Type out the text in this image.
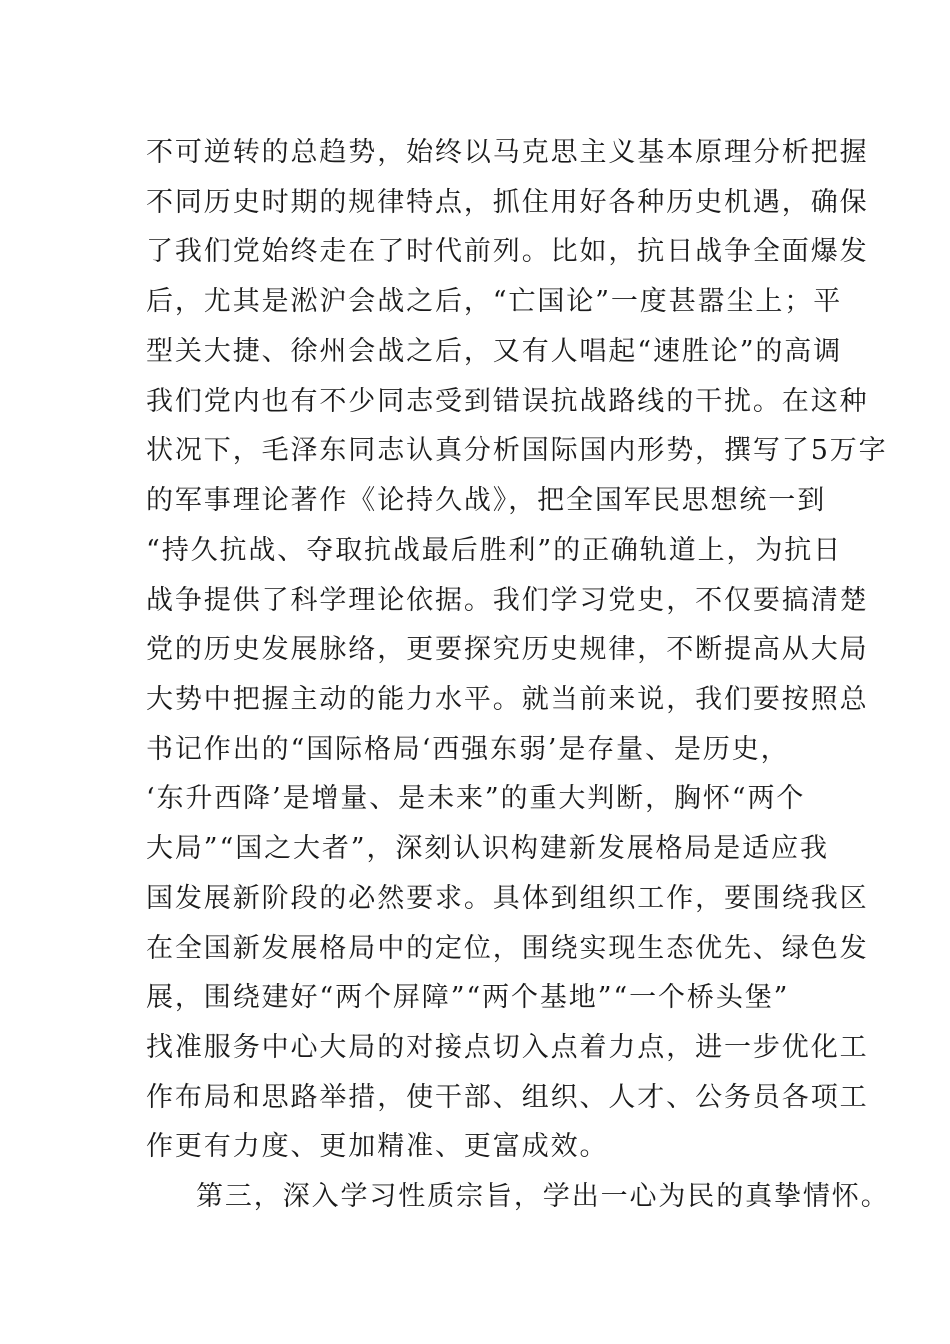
不可逆转的总趋势，始终以马克思主义基本原理分析把握
不同历史时期的规律特点，抓住用好各种历史机遇，确保
了我们党始终走在了时代前列。比如，抗日战争全面爆发
后，尤其是淞沪会战之后，“亡国论”一度甚嚣尘上；平
型关大捷、徐州会战之后，又有人唱起“速胜论”的高调
我们党内也有不少同志受到错误抗战路线的干扰。在这种
状况下，毛泽东同志认真分析国际国内形势，撰写了5万字
的军事理论著作《论持久战》，把全国军民思想统一到
“持久抗战、夺取抗战最后胜利”的正确轨道上，为抗日
战争提供了科学理论依据。我们学习党史，不仅要搞清楚
党的历史发展脉络，更要探究历史规律，不断提高从大局
大势中把握主动的能力水平。就当前来说，我们要按照总
书记作出的“国际格局‘西强东弱’是存量、是历史，
‘东升西降’是增量、是未来”的重大判断，胸怀“两个
大局”“国之大者”，深刻认识构建新发展格局是适应我
国发展新阶段的必然要求。具体到组织工作，要围绕我区
在全国新发展格局中的定位，围绕实现生态优先、绿色发
展，围绕建好“两个屏障”“两个基地”“一个桥头堡”
找准服务中心大局的对接点切入点着力点，进一步优化工
作布局和思路举措，使干部、组织、人才、公务员各项工
作更有力度、更加精准、更富成效。
第三，深入学习性质宗旨，学出一心为民的真挚情怀。
